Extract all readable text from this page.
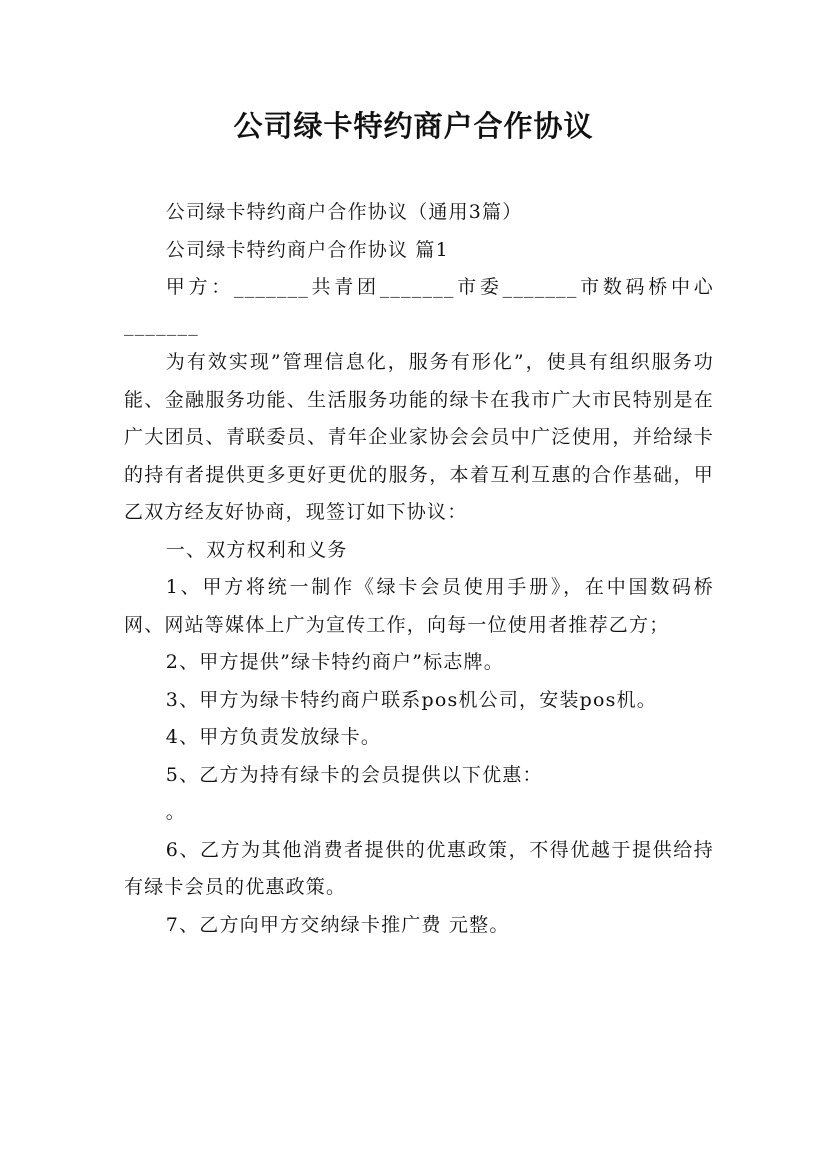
公司绿卡特约商户合作协议

公司绿卡特约商户合作协议（通用3篇）

公司绿卡特约商户合作协议 篇1

甲方：_______共青团_______市委_______市数码桥中心_______

为有效实现”管理信息化，服务有形化”，使具有组织服务功能、金融服务功能、生活服务功能的绿卡在我市广大市民特别是在广大团员、青联委员、青年企业家协会会员中广泛使用，并给绿卡的持有者提供更多更好更优的服务，本着互利互惠的合作基础，甲乙双方经友好协商，现签订如下协议：

一、双方权利和义务

1、甲方将统一制作《绿卡会员使用手册》，在中国数码桥网、网站等媒体上广为宣传工作，向每一位使用者推荐乙方；

2、甲方提供”绿卡特约商户”标志牌。

3、甲方为绿卡特约商户联系pos机公司，安装pos机。

4、甲方负责发放绿卡。

5、乙方为持有绿卡的会员提供以下优惠：

。

6、乙方为其他消费者提供的优惠政策，不得优越于提供给持有绿卡会员的优惠政策。

7、乙方向甲方交纳绿卡推广费 元整。
